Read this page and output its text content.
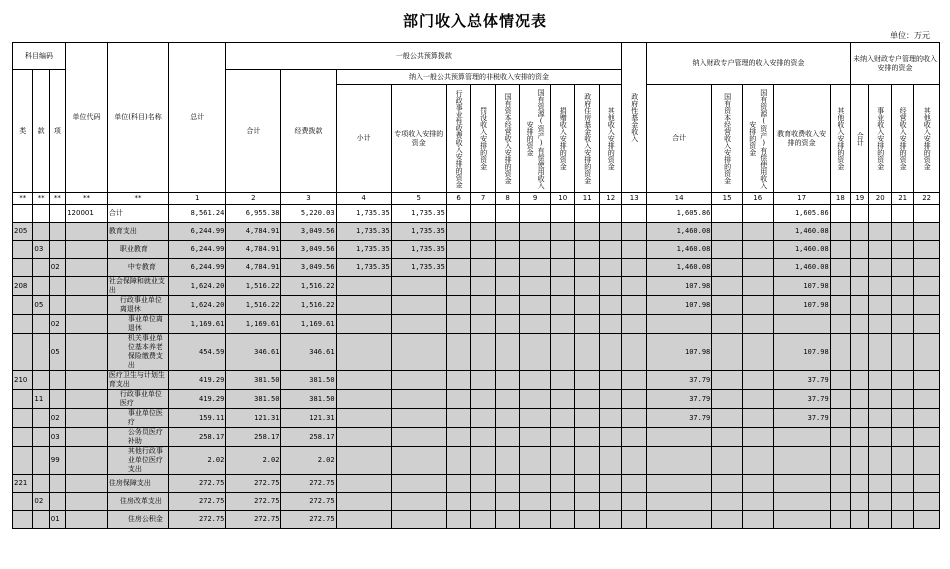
部门收入总体情况表
单位：万元
科目编码			单位代码	单位(科目)名称	总计	一般公共预算拨款											政府性基金收入	纳入财政专户管理的收入安排的资金					未纳入财政专户管理的收入安排的资金			
类	款	项				合计	经费拨款	纳入一般公共预算管理的非税收入安排的资金																		
								小计	专项收入安排的资金	行政事业性收费收入安排的资金	罚没收入安排的资金	国有资本经营收入安排的资金	国有资源(资产)有偿使用收入安排的资金	捐赠收入安排的资金	政府住房基金收入安排的资金	其他收入安排的资金		合计	国有资本经营收入安排的资金	国有资源(资产)有偿使用收入安排的资金	教育收费收入安排的资金	其他收入安排的资金	合计	事业收入安排的资金	经营收入安排的资金	其他收入安排的资金
**	**	**	**	**	1	2	3	4	5	6	7	8	9	10	11	12	13	14	15	16	17	18	19	20	21	22
			120001	合计	8,561.24	6,955.38	5,220.03	1,735.35	1,735.35									1,605.86			1,605.86					
205				教育支出	6,244.99	4,784.91	3,049.56	1,735.35	1,735.35									1,460.08			1,460.08					
	03			职业教育	6,244.99	4,784.91	3,049.56	1,735.35	1,735.35									1,460.08			1,460.08					
		02		中专教育	6,244.99	4,784.91	3,049.56	1,735.35	1,735.35									1,460.08			1,460.08					
208				社会保障和就业支出	1,624.20	1,516.22	1,516.22											107.98			107.98					
	05			行政事业单位离退休	1,624.20	1,516.22	1,516.22											107.98			107.98					
		02		事业单位离退休	1,169.61	1,169.61	1,169.61																			
		05		机关事业单位基本养老保险缴费支出	454.59	346.61	346.61											107.98			107.98					
210				医疗卫生与计划生育支出	419.29	381.50	381.50											37.79			37.79					
	11			行政事业单位医疗	419.29	381.50	381.50											37.79			37.79					
		02		事业单位医疗	159.11	121.31	121.31											37.79			37.79					
		03		公务员医疗补助	258.17	258.17	258.17																			
		99		其他行政事业单位医疗支出	2.02	2.02	2.02																			
221				住房保障支出	272.75	272.75	272.75																			
	02			住房改革支出	272.75	272.75	272.75																			
		01		住房公积金	272.75	272.75	272.75																			
